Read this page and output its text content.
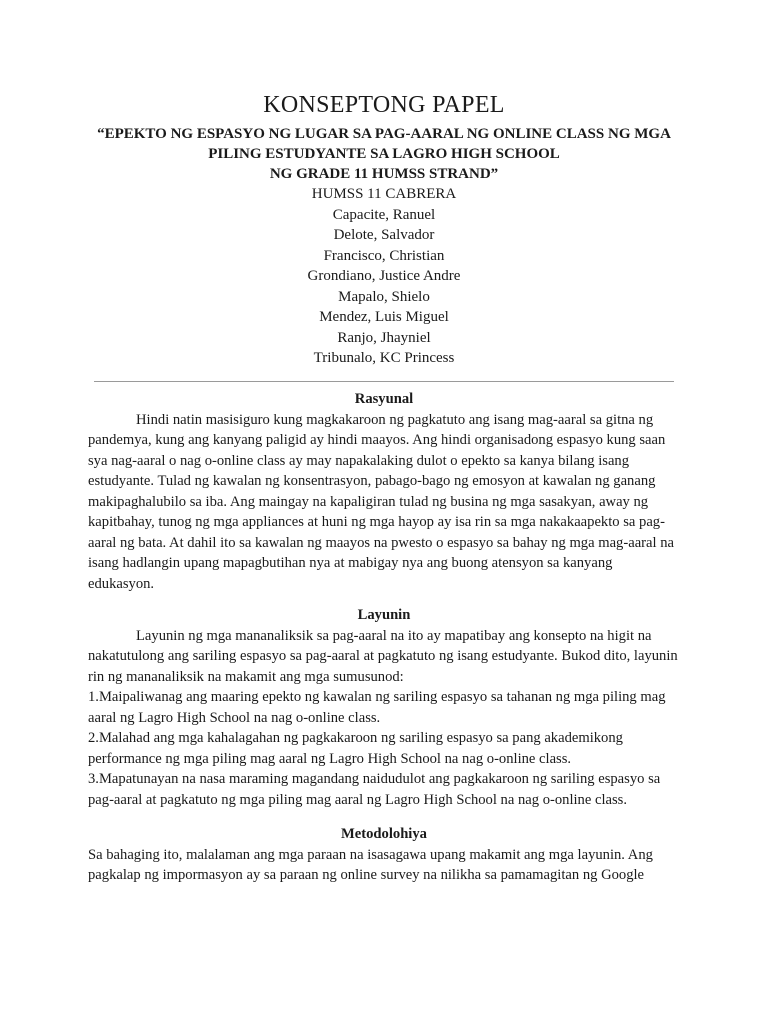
KONSEPTONG PAPEL
“EPEKTO NG ESPASYO NG LUGAR SA PAG-AARAL NG ONLINE CLASS NG MGA
PILING ESTUDYANTE SA LAGRO HIGH SCHOOL
NG GRADE 11 HUMSS STRAND”
HUMSS 11 CABRERA
Capacite, Ranuel
Delote, Salvador
Francisco, Christian
Grondiano, Justice Andre
Mapalo, Shielo
Mendez, Luis Miguel
Ranjo, Jhayniel
Tribunalo, KC Princess
Rasyunal

Hindi natin masisiguro kung magkakaroon ng pagkatuto ang isang mag-aaral sa gitna ng pandemya, kung ang kanyang paligid ay hindi maayos. Ang hindi organisadong espasyo kung saan sya nag-aaral o nag o-online class ay may napakalaking dulot o epekto sa kanya bilang isang estudyante. Tulad ng kawalan ng konsentrasyon, pabago-bago ng emosyon at kawalan ng ganang makipaghalubilo sa iba. Ang maingay na kapaligiran tulad ng businа ng mga sasakyan, away ng kapitbahay, tunog ng mga appliances at huni ng mga hayop ay isa rin sa mga nakakaapekto sa pag-aaral ng bata. At dahil ito sa kawalan ng maayos na pwesto o espasyo sa bahay ng mga mag-aaral na isang hadlangin upang mapagbutihan nya at mabigay nya ang buong atensyon sa kanyang edukasyon.

Layunin

Layunin ng mga mananaliksik sa pag-aaral na ito ay mapatibay ang konsepto na higit na nakatutulong ang sariling espasyo sa pag-aaral at pagkatuto ng isang estudyante. Bukod dito, layunin rin ng mananaliksik na makamit ang mga sumusunod:

1.Maipaliwanag ang maaring epekto ng kawalan ng sariling espasyo sa tahanan ng mga piling mag aaral ng Lagro High School na nag o-online class.

2.Malahad ang mga kahalagahan ng pagkakaroon ng sariling espasyo sa pang akademikong performance ng mga piling mag aaral ng Lagro High School na nag o-online class.

3.Mapatunayan na nasa maraming magandang naidudulot ang pagkakaroon ng sariling espasyo sa pag-aaral at pagkatuto ng mga piling mag aaral ng Lagro High School na nag o-online class.

Metodolohiya

Sa bahaging ito, malalaman ang mga paraan na isasagawa upang makamit ang mga layunin. Ang pagkalap ng impormasyon ay sa paraan ng online survey na nilikha sa pamamagitan ng Google
